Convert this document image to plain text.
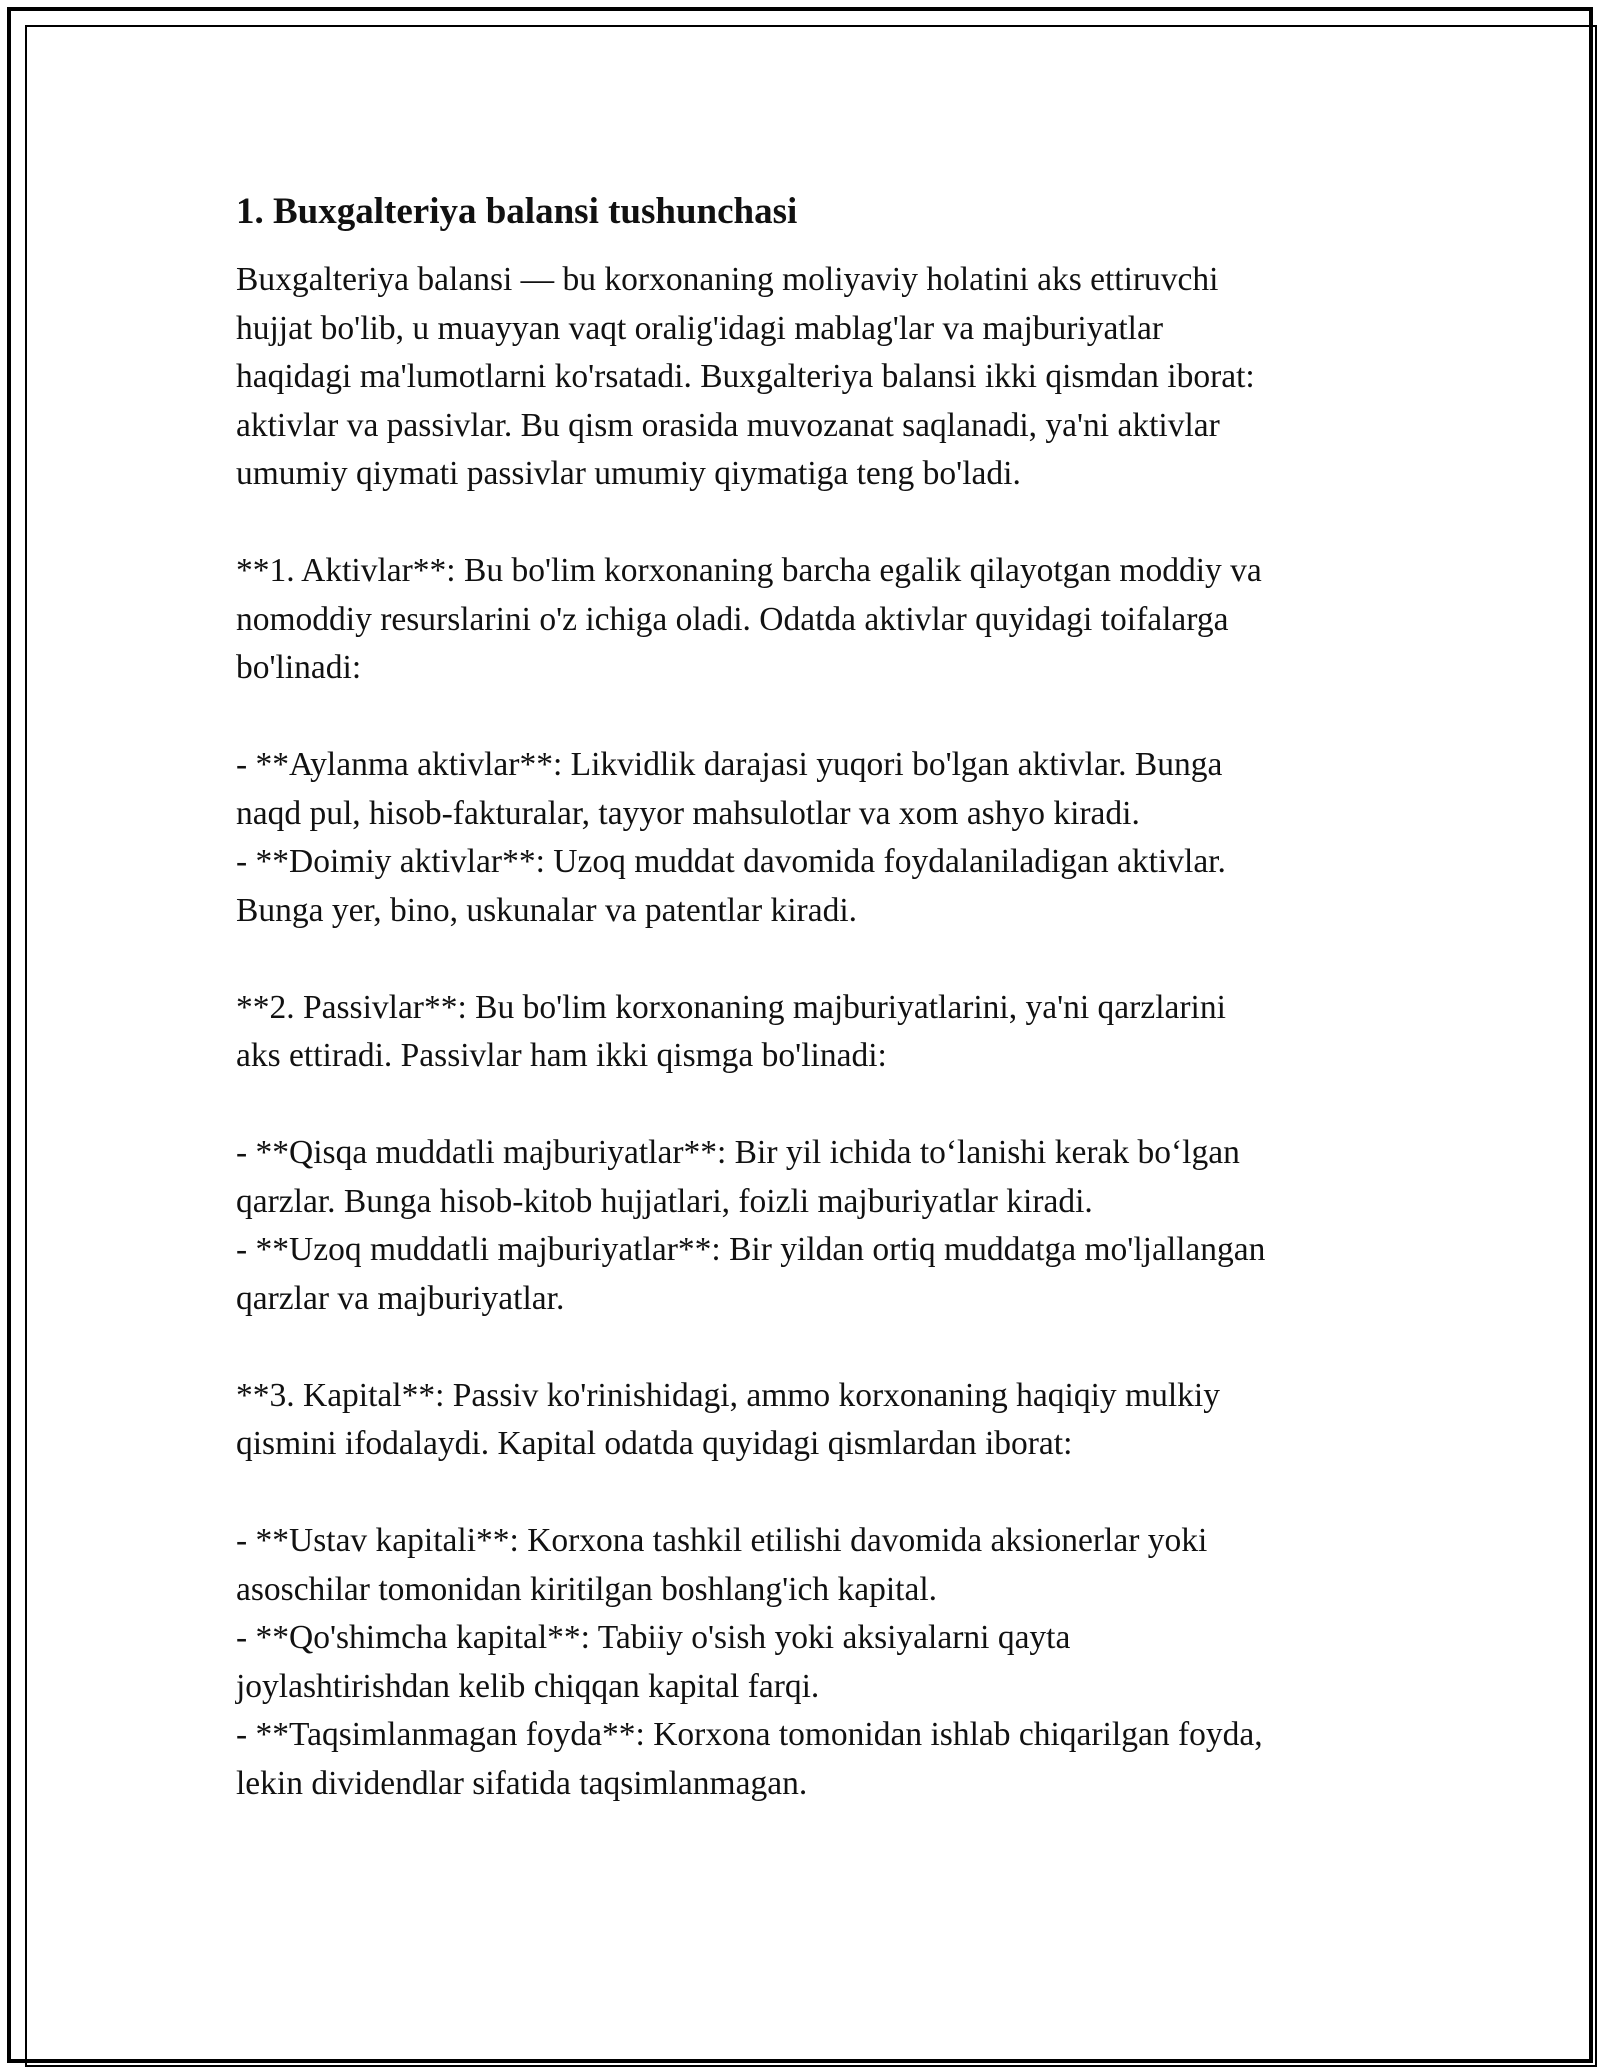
1. Buxgalteriya balansi tushunchasi

Buxgalteriya balansi — bu korxonaning moliyaviy holatini aks ettiruvchi
hujjat bo'lib, u muayyan vaqt oralig'idagi mablag'lar va majburiyatlar
haqidagi ma'lumotlarni ko'rsatadi. Buxgalteriya balansi ikki qismdan iborat:
aktivlar va passivlar. Bu qism orasida muvozanat saqlanadi, ya'ni aktivlar
umumiy qiymati passivlar umumiy qiymatiga teng bo'ladi.

**1. Aktivlar**: Bu bo'lim korxonaning barcha egalik qilayotgan moddiy va
nomoddiy resurslarini o'z ichiga oladi. Odatda aktivlar quyidagi toifalarga
bo'linadi:

- **Aylanma aktivlar**: Likvidlik darajasi yuqori bo'lgan aktivlar. Bunga
naqd pul, hisob-fakturalar, tayyor mahsulotlar va xom ashyo kiradi.
- **Doimiy aktivlar**: Uzoq muddat davomida foydalaniladigan aktivlar.
Bunga yer, bino, uskunalar va patentlar kiradi.

**2. Passivlar**: Bu bo'lim korxonaning majburiyatlarini, ya'ni qarzlarini
aks ettiradi. Passivlar ham ikki qismga bo'linadi:

- **Qisqa muddatli majburiyatlar**: Bir yil ichida to‘lanishi kerak bo‘lgan
qarzlar. Bunga hisob-kitob hujjatlari, foizli majburiyatlar kiradi.
- **Uzoq muddatli majburiyatlar**: Bir yildan ortiq muddatga mo'ljallangan
qarzlar va majburiyatlar.

**3. Kapital**: Passiv ko'rinishidagi, ammo korxonaning haqiqiy mulkiy
qismini ifodalaydi. Kapital odatda quyidagi qismlardan iborat:

- **Ustav kapitali**: Korxona tashkil etilishi davomida aksionerlar yoki
asoschilar tomonidan kiritilgan boshlang'ich kapital.
- **Qo'shimcha kapital**: Tabiiy o'sish yoki aksiyalarni qayta
joylashtirishdan kelib chiqqan kapital farqi.
- **Taqsimlanmagan foyda**: Korxona tomonidan ishlab chiqarilgan foyda,
lekin dividendlar sifatida taqsimlanmagan.
